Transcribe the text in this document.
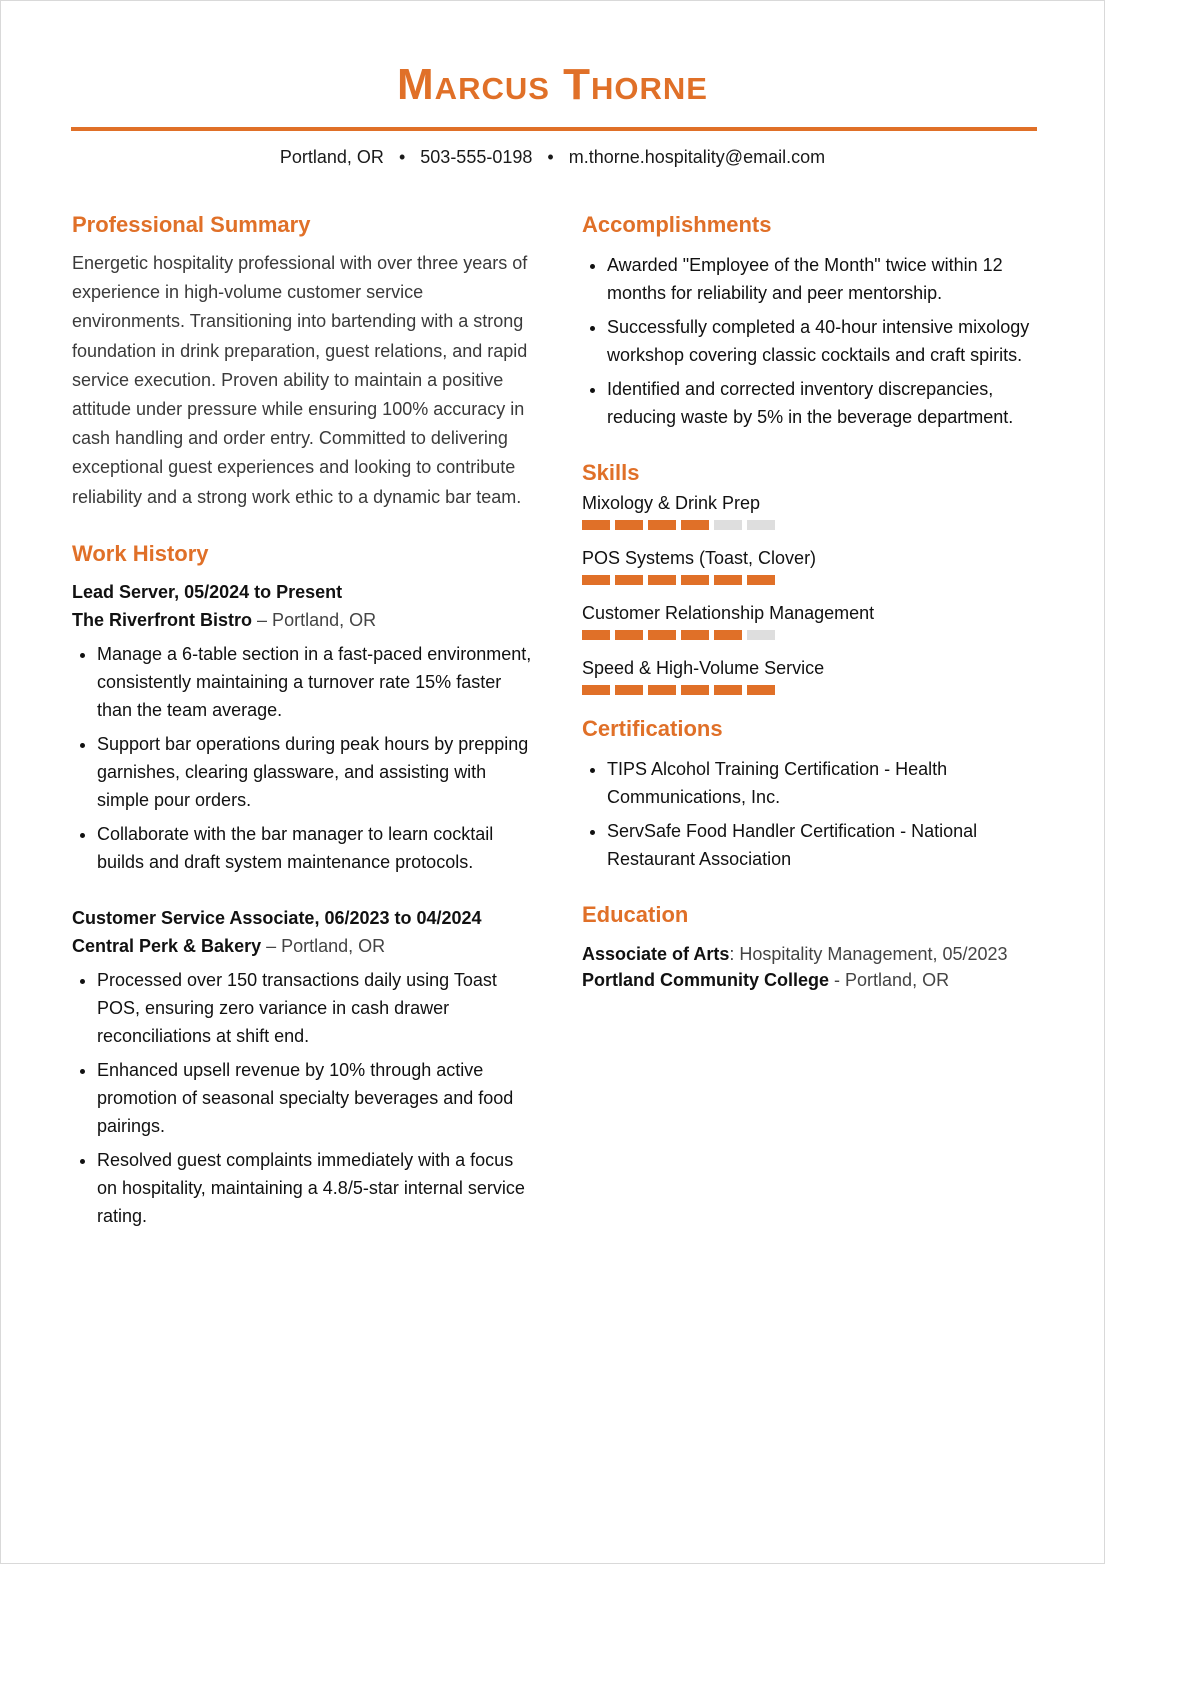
Marcus Thorne
Portland, OR • 503-555-0198 • m.thorne.hospitality@email.com
Professional Summary

Energetic hospitality professional with over three years of experience in high-volume customer service environments. Transitioning into bartending with a strong foundation in drink preparation, guest relations, and rapid service execution. Proven ability to maintain a positive attitude under pressure while ensuring 100% accuracy in cash handling and order entry. Committed to delivering exceptional guest experiences and looking to contribute reliability and a strong work ethic to a dynamic bar team.

Work History
Lead Server, 05/2024 to Present
The Riverfront Bistro – Portland, OR
• Manage a 6-table section in a fast-paced environment, consistently maintaining a turnover rate 15% faster than the team average.
• Support bar operations during peak hours by prepping garnishes, clearing glassware, and assisting with simple pour orders.
• Collaborate with the bar manager to learn cocktail builds and draft system maintenance protocols.
Customer Service Associate, 06/2023 to 04/2024
Central Perk & Bakery – Portland, OR
• Processed over 150 transactions daily using Toast POS, ensuring zero variance in cash drawer reconciliations at shift end.
• Enhanced upsell revenue by 10% through active promotion of seasonal specialty beverages and food pairings.
• Resolved guest complaints immediately with a focus on hospitality, maintaining a 4.8/5-star internal service rating.
Accomplishments
• Awarded "Employee of the Month" twice within 12 months for reliability and peer mentorship.
• Successfully completed a 40-hour intensive mixology workshop covering classic cocktails and craft spirits.
• Identified and corrected inventory discrepancies, reducing waste by 5% in the beverage department.
Skills
Mixology & Drink Prep
POS Systems (Toast, Clover)
Customer Relationship Management
Speed & High-Volume Service
Certifications
• TIPS Alcohol Training Certification - Health Communications, Inc.
• ServSafe Food Handler Certification - National Restaurant Association
Education
Associate of Arts: Hospitality Management, 05/2023
Portland Community College - Portland, OR
